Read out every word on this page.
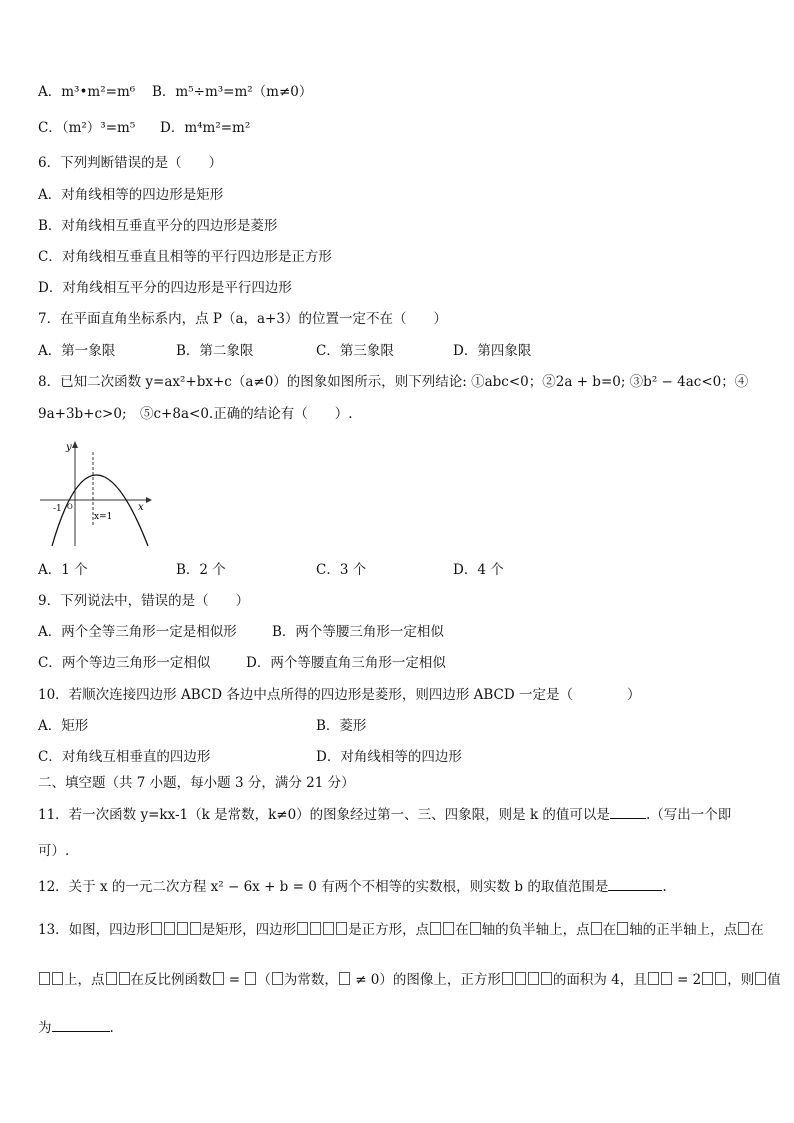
A．m³•m²=m⁶ B．m⁵÷m³=m²（m≠0）
C．（m²）³=m⁵ D．m⁴m²=m²
6．下列判断错误的是（　　）
A．对角线相等的四边形是矩形
B．对角线相互垂直平分的四边形是菱形
C．对角线相互垂直且相等的平行四边形是正方形
D．对角线相互平分的四边形是平行四边形
7．在平面直角坐标系内，点 P（a，a+3）的位置一定不在（　　）
A．第一象限	B．第二象限	C．第三象限	D．第四象限
8．已知二次函数 y=ax²+bx+c（a≠0）的图象如图所示，则下列结论: ①abc<0；②2a + b=0; ③b² − 4ac<0；④
9a+3b+c>0;　⑤c+8a<0.正确的结论有（　　）.
y
x
-1 O
x=1
A．1 个	B．2 个	C．3 个	D．4 个
9．下列说法中，错误的是（　　）
A．两个全等三角形一定是相似形	B．两个等腰三角形一定相似
C．两个等边三角形一定相似	D．两个等腰直角三角形一定相似
10．若顺次连接四边形 ABCD 各边中点所得的四边形是菱形，则四边形 ABCD 一定是（　　　　）
A．矩形	B．菱形
C．对角线互相垂直的四边形	D．对角线相等的四边形
二、填空题（共 7 小题，每小题 3 分，满分 21 分）
11．若一次函数 y=kx-1（k 是常数，k≠0）的图象经过第一、三、四象限，则是 k 的值可以是	.（写出一个即
可）.
12．关于 x 的一元二次方程 x² − 6x + b = 0 有两个不相等的实数根，则实数 b 的取值范围是	.
13．如图，四边形	是矩形，四边形	是正方形，点 在 轴的负半轴上，点 在 轴的正半轴上，点 在
上，点 在反比例函数 = （ 为常数， ≠ 0）的图像上，正方形	的面积为 4，且 = 2 ，则 值
为	.
